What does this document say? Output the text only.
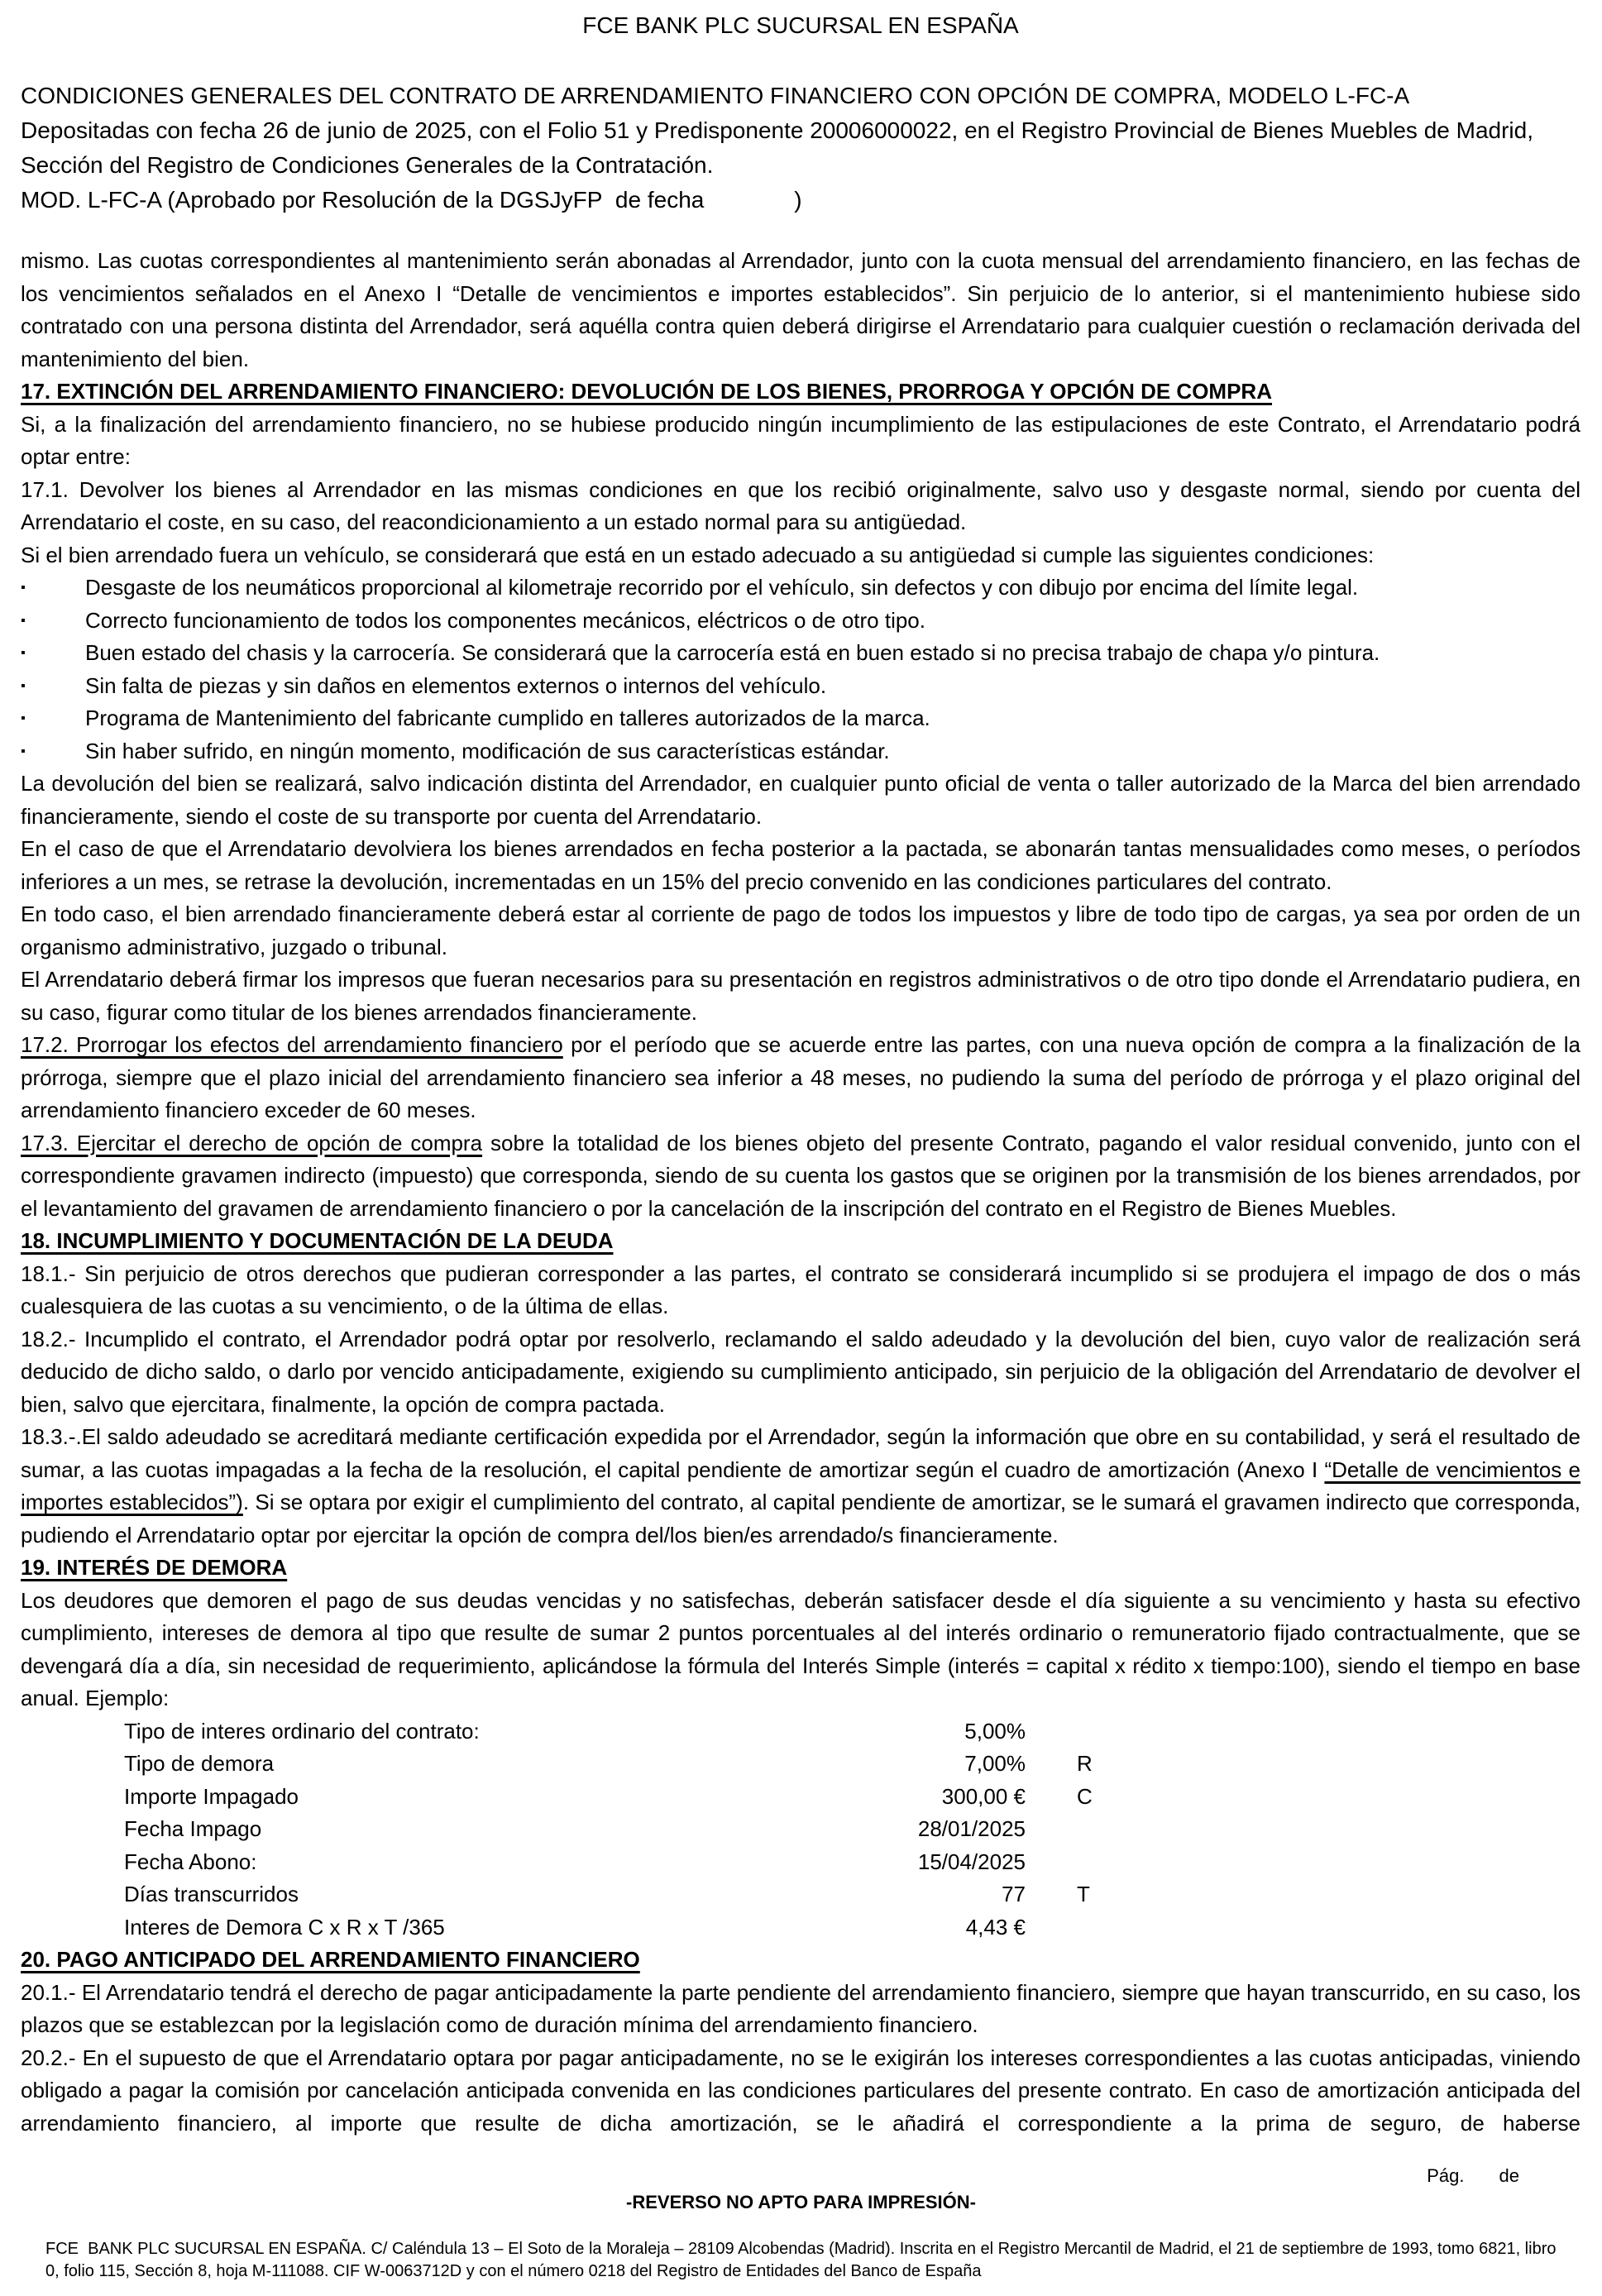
FCE BANK PLC SUCURSAL EN ESPAÑA
CONDICIONES GENERALES DEL CONTRATO DE ARRENDAMIENTO FINANCIERO CON OPCIÓN DE COMPRA, MODELO L-FC-A
Depositadas con fecha 26 de junio de 2025, con el Folio 51 y Predisponente 20006000022, en el Registro Provincial de Bienes Muebles de Madrid, Sección del Registro de Condiciones Generales de la Contratación.
MOD. L-FC-A (Aprobado por Resolución de la DGSJyFP  de fecha              )
mismo. Las cuotas correspondientes al mantenimiento serán abonadas al Arrendador, junto con la cuota mensual del arrendamiento financiero, en las fechas de los vencimientos señalados en el Anexo I “Detalle de vencimientos e importes establecidos”. Sin perjuicio de lo anterior, si el mantenimiento hubiese sido contratado con una persona distinta del Arrendador, será aquélla contra quien deberá dirigirse el Arrendatario para cualquier cuestión o reclamación derivada del mantenimiento del bien.
17. EXTINCIÓN DEL ARRENDAMIENTO FINANCIERO: DEVOLUCIÓN DE LOS BIENES, PRORROGA Y OPCIÓN DE COMPRA
Si, a la finalización del arrendamiento financiero, no se hubiese producido ningún incumplimiento de las estipulaciones de este Contrato, el Arrendatario podrá optar entre:
17.1. Devolver los bienes al Arrendador en las mismas condiciones en que los recibió originalmente, salvo uso y desgaste normal, siendo por cuenta del Arrendatario el coste, en su caso, del reacondicionamiento a un estado normal para su antigüedad.
Si el bien arrendado fuera un vehículo, se considerará que está en un estado adecuado a su antigüedad si cumple las siguientes condiciones:
▪	Desgaste de los neumáticos proporcional al kilometraje recorrido por el vehículo, sin defectos y con dibujo por encima del límite legal.
▪	Correcto funcionamiento de todos los componentes mecánicos, eléctricos o de otro tipo.
▪	Buen estado del chasis y la carrocería. Se considerará que la carrocería está en buen estado si no precisa trabajo de chapa y/o pintura.
▪	Sin falta de piezas y sin daños en elementos externos o internos del vehículo.
▪	Programa de Mantenimiento del fabricante cumplido en talleres autorizados de la marca.
▪	Sin haber sufrido, en ningún momento, modificación de sus características estándar.
La devolución del bien se realizará, salvo indicación distinta del Arrendador, en cualquier punto oficial de venta o taller autorizado de la Marca del bien arrendado financieramente, siendo el coste de su transporte por cuenta del Arrendatario.
En el caso de que el Arrendatario devolviera los bienes arrendados en fecha posterior a la pactada, se abonarán tantas mensualidades como meses, o períodos inferiores a un mes, se retrase la devolución, incrementadas en un 15% del precio convenido en las condiciones particulares del contrato.
En todo caso, el bien arrendado financieramente deberá estar al corriente de pago de todos los impuestos y libre de todo tipo de cargas, ya sea por orden de un organismo administrativo, juzgado o tribunal.
El Arrendatario deberá firmar los impresos que fueran necesarios para su presentación en registros administrativos o de otro tipo donde el Arrendatario pudiera, en su caso, figurar como titular de los bienes arrendados financieramente.
17.2. Prorrogar los efectos del arrendamiento financiero por el período que se acuerde entre las partes, con una nueva opción de compra a la finalización de la prórroga, siempre que el plazo inicial del arrendamiento financiero sea inferior a 48 meses, no pudiendo la suma del período de prórroga y el plazo original del arrendamiento financiero exceder de 60 meses.
17.3. Ejercitar el derecho de opción de compra sobre la totalidad de los bienes objeto del presente Contrato, pagando el valor residual convenido, junto con el correspondiente gravamen indirecto (impuesto) que corresponda, siendo de su cuenta los gastos que se originen por la transmisión de los bienes arrendados, por el levantamiento del gravamen de arrendamiento financiero o por la cancelación de la inscripción del contrato en el Registro de Bienes Muebles.
18. INCUMPLIMIENTO Y DOCUMENTACIÓN DE LA DEUDA
18.1.- Sin perjuicio de otros derechos que pudieran corresponder a las partes, el contrato se considerará incumplido si se produjera el impago de dos o más cualesquiera de las cuotas a su vencimiento, o de la última de ellas.
18.2.- Incumplido el contrato, el Arrendador podrá optar por resolverlo, reclamando el saldo adeudado y la devolución del bien, cuyo valor de realización será deducido de dicho saldo, o darlo por vencido anticipadamente, exigiendo su cumplimiento anticipado, sin perjuicio de la obligación del Arrendatario de devolver el bien, salvo que ejercitara, finalmente, la opción de compra pactada.
18.3.-.El saldo adeudado se acreditará mediante certificación expedida por el Arrendador, según la información que obre en su contabilidad, y será el resultado de sumar, a las cuotas impagadas a la fecha de la resolución, el capital pendiente de amortizar según el cuadro de amortización (Anexo I “Detalle de vencimientos e importes establecidos”). Si se optara por exigir el cumplimiento del contrato, al capital pendiente de amortizar, se le sumará el gravamen indirecto que corresponda, pudiendo el Arrendatario optar por ejercitar la opción de compra del/los bien/es arrendado/s financieramente.
19. INTERÉS DE DEMORA
Los deudores que demoren el pago de sus deudas vencidas y no satisfechas, deberán satisfacer desde el día siguiente a su vencimiento y hasta su efectivo cumplimiento, intereses de demora al tipo que resulte de sumar 2 puntos porcentuales al del interés ordinario o remuneratorio fijado contractualmente, que se devengará día a día, sin necesidad de requerimiento, aplicándose la fórmula del Interés Simple (interés = capital x rédito x tiempo:100), siendo el tiempo en base anual. Ejemplo:
Tipo de interes ordinario del contrato:	5,00%
Tipo de demora	7,00%	R
Importe Impagado	300,00 €	C
Fecha Impago	28/01/2025
Fecha Abono:	15/04/2025
Días transcurridos	77	T
Interes de Demora C x R x T /365	4,43 €
20. PAGO ANTICIPADO DEL ARRENDAMIENTO FINANCIERO
20.1.- El Arrendatario tendrá el derecho de pagar anticipadamente la parte pendiente del arrendamiento financiero, siempre que hayan transcurrido, en su caso, los plazos que se establezcan por la legislación como de duración mínima del arrendamiento financiero.
20.2.- En el supuesto de que el Arrendatario optara por pagar anticipadamente, no se le exigirán los intereses correspondientes a las cuotas anticipadas, viniendo obligado a pagar la comisión por cancelación anticipada convenida en las condiciones particulares del presente contrato. En caso de amortización anticipada del arrendamiento financiero, al importe que resulte de dicha amortización, se le añadirá el correspondiente a la prima de seguro, de haberse
Pág. de
-REVERSO NO APTO PARA IMPRESIÓN-
FCE  BANK PLC SUCURSAL EN ESPAÑA. C/ Caléndula 13 – El Soto de la Moraleja – 28109 Alcobendas (Madrid). Inscrita en el Registro Mercantil de Madrid, el 21 de septiembre de 1993, tomo 6821, libro 0, folio 115, Sección 8, hoja M-111088. CIF W-0063712D y con el número 0218 del Registro de Entidades del Banco de España
